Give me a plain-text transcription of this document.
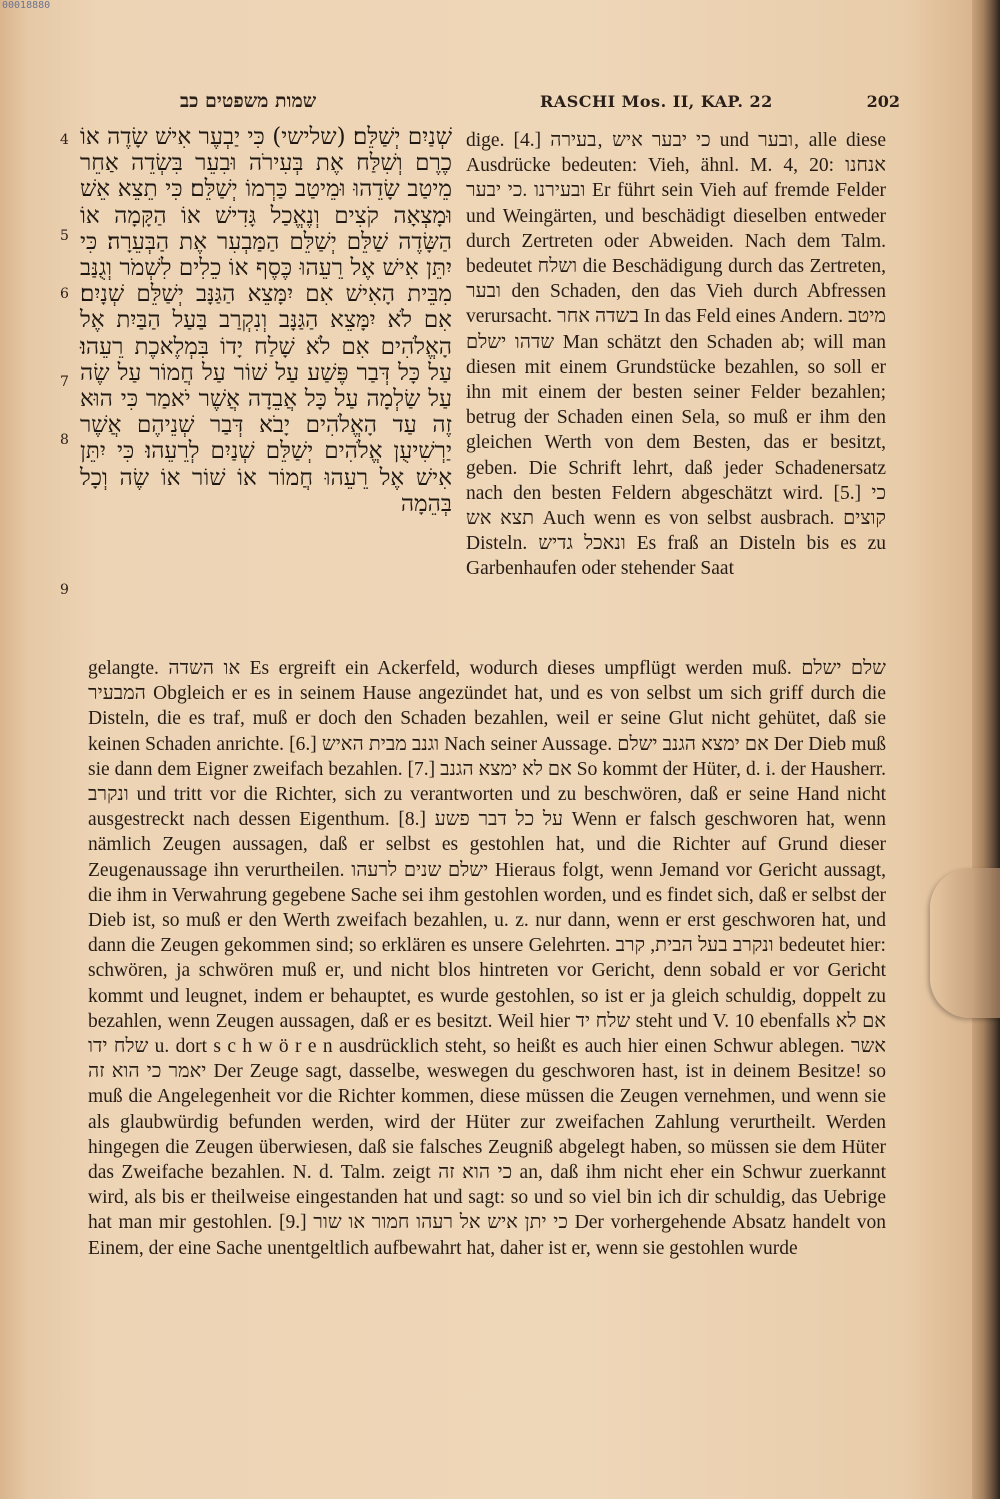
00018880
שמות משפטים כב	RASCHI Mos. II, KAP. 22	202
4
5
6
7
8
9

שְׁנַיִם יְשַׁלֵּם׃ (שלישי) כִּי יַבְעֶר אִישׁ שָׂדֶה אוֹ כֶרֶם וְשִׁלַּח אֶת בְּעִירֹה וּבִעֵר בִּשְׂדֵה אַחֵר מֵיטַב שָׂדֵהוּ וּמֵיטַב כַּרְמוֹ יְשַׁלֵּם׃ כִּי תֵצֵא אֵשׁ וּמָצְאָה קֹצִים וְנֶאֱכַל גָּדִישׁ אוֹ הַקָּמָה אוֹ הַשָּׂדֶה שַׁלֵּם יְשַׁלֵּם הַמַּבְעִר אֶת הַבְּעֵרָה׃ כִּי יִתֵּן אִישׁ אֶל רֵעֵהוּ כֶּסֶף אוֹ כֵלִים לִשְׁמֹר וְגֻנַּב מִבֵּית הָאִישׁ אִם יִמָּצֵא הַגַּנָּב יְשַׁלֵּם שְׁנָיִם׃ אִם לֹא יִמָּצֵא הַגַּנָּב וְנִקְרַב בַּעַל הַבַּיִת אֶל הָאֱלֹהִים אִם לֹא שָׁלַח יָדוֹ בִּמְלֶאכֶת רֵעֵהוּ׃ עַל כָּל דְּבַר פֶּשַׁע עַל שׁוֹר עַל חֲמוֹר עַל שֶׂה עַל שַׂלְמָה עַל כָּל אֲבֵדָה אֲשֶׁר יֹאמַר כִּי הוּא זֶה עַד הָאֱלֹהִים יָבֹא דְּבַר שְׁנֵיהֶם אֲשֶׁר יַרְשִׁיעֻן אֱלֹהִים יְשַׁלֵּם שְׁנַיִם לְרֵעֵהוּ׃ כִּי יִתֵּן אִישׁ אֶל רֵעֵהוּ חֲמוֹר אוֹ שׁוֹר אוֹ שֶׂה וְכָל בְּהֵמָה

dige. [4.] כי יבער איש ‚בעירה und ובער‚ alle diese Ausdrücke bedeuten: Vieh, ähnl. M. 4, 20: אנחנו ובעירנו .כי יבער Er führt sein Vieh auf fremde Felder und Weingärten, und beschädigt dieselben entweder durch Zertreten oder Abweiden. Nach dem Talm. bedeutet ושלח die Beschädigung durch das Zertreten, ובער den Schaden, den das Vieh durch Abfressen verursacht. בשדה אחר In das Feld eines Andern. מיטב שדהו ישלם Man schätzt den Schaden ab; will man diesen mit einem Grundstücke bezahlen, so soll er ihn mit einem der besten seiner Felder bezahlen; betrug der Schaden einen Sela, so muß er ihm den gleichen Werth von dem Besten, das er besitzt, geben. Die Schrift lehrt, daß jeder Schadenersatz nach den besten Feldern abgeschätzt wird. [5.] כי תצא אש Auch wenn es von selbst ausbrach. קוצים Disteln. ונאכל גדיש Es fraß an Disteln bis es zu Garbenhaufen oder stehender Saat

gelangte. או השדה Es ergreift ein Ackerfeld, wodurch dieses umpflügt werden muß. שלם ישלם המבעיר Obgleich er es in seinem Hause angezündet hat, und es von selbst um sich griff durch die Disteln, die es traf, muß er doch den Schaden bezahlen, weil er seine Glut nicht gehütet, daß sie keinen Schaden anrichte. [6.] וגנב מבית האיש Nach seiner Aussage. אם ימצא הגנב ישלם Der Dieb muß sie dann dem Eigner zweifach bezahlen. [7.] אם לא ימצא הגנב So kommt der Hüter, d. i. der Hausherr. ונקרב und tritt vor die Richter, sich zu verantworten und zu beschwören, daß er seine Hand nicht ausgestreckt nach dessen Eigenthum. [8.] על כל דבר פשע Wenn er falsch geschworen hat, wenn nämlich Zeugen aussagen, daß er selbst es gestohlen hat, und die Richter auf Grund dieser Zeugenaussage ihn verurtheilen. ישלם שנים לרעהו Hieraus folgt, wenn Jemand vor Gericht aussagt, die ihm in Verwahrung gegebene Sache sei ihm gestohlen worden, und es findet sich, daß er selbst der Dieb ist, so muß er den Werth zweifach bezahlen, u. z. nur dann, wenn er erst geschworen hat, und dann die Zeugen gekommen sind; so erklären es unsere Gelehrten. ונקרב בעל הבית, קרב bedeutet hier: schwören, ja schwören muß er, und nicht blos hintreten vor Gericht, denn sobald er vor Gericht kommt und leugnet, indem er behauptet, es wurde gestohlen, so ist er ja gleich schuldig, doppelt zu bezahlen, wenn Zeugen aussagen, daß er es besitzt. Weil hier שלח יד steht und V. 10 ebenfalls אם לא שלח ידו u. dort s c h w ö r e n ausdrücklich steht, so heißt es auch hier einen Schwur ablegen. אשר יאמר כי הוא זה Der Zeuge sagt, dasselbe, weswegen du geschworen hast, ist in deinem Besitze! so muß die Angelegenheit vor die Richter kommen, diese müssen die Zeugen vernehmen, und wenn sie als glaubwürdig befunden werden, wird der Hüter zur zweifachen Zahlung verurtheilt. Werden hingegen die Zeugen überwiesen, daß sie falsches Zeugniß abgelegt haben, so müssen sie dem Hüter das Zweifache bezahlen. N. d. Talm. zeigt כי הוא זה an, daß ihm nicht eher ein Schwur zuerkannt wird, als bis er theilweise eingestanden hat und sagt: so und so viel bin ich dir schuldig, das Uebrige hat man mir gestohlen. [9.] כי יתן איש אל רעהו חמור או שור Der vorhergehende Absatz handelt von Einem, der eine Sache unentgeltlich aufbewahrt hat, daher ist er, wenn sie gestohlen wurde
